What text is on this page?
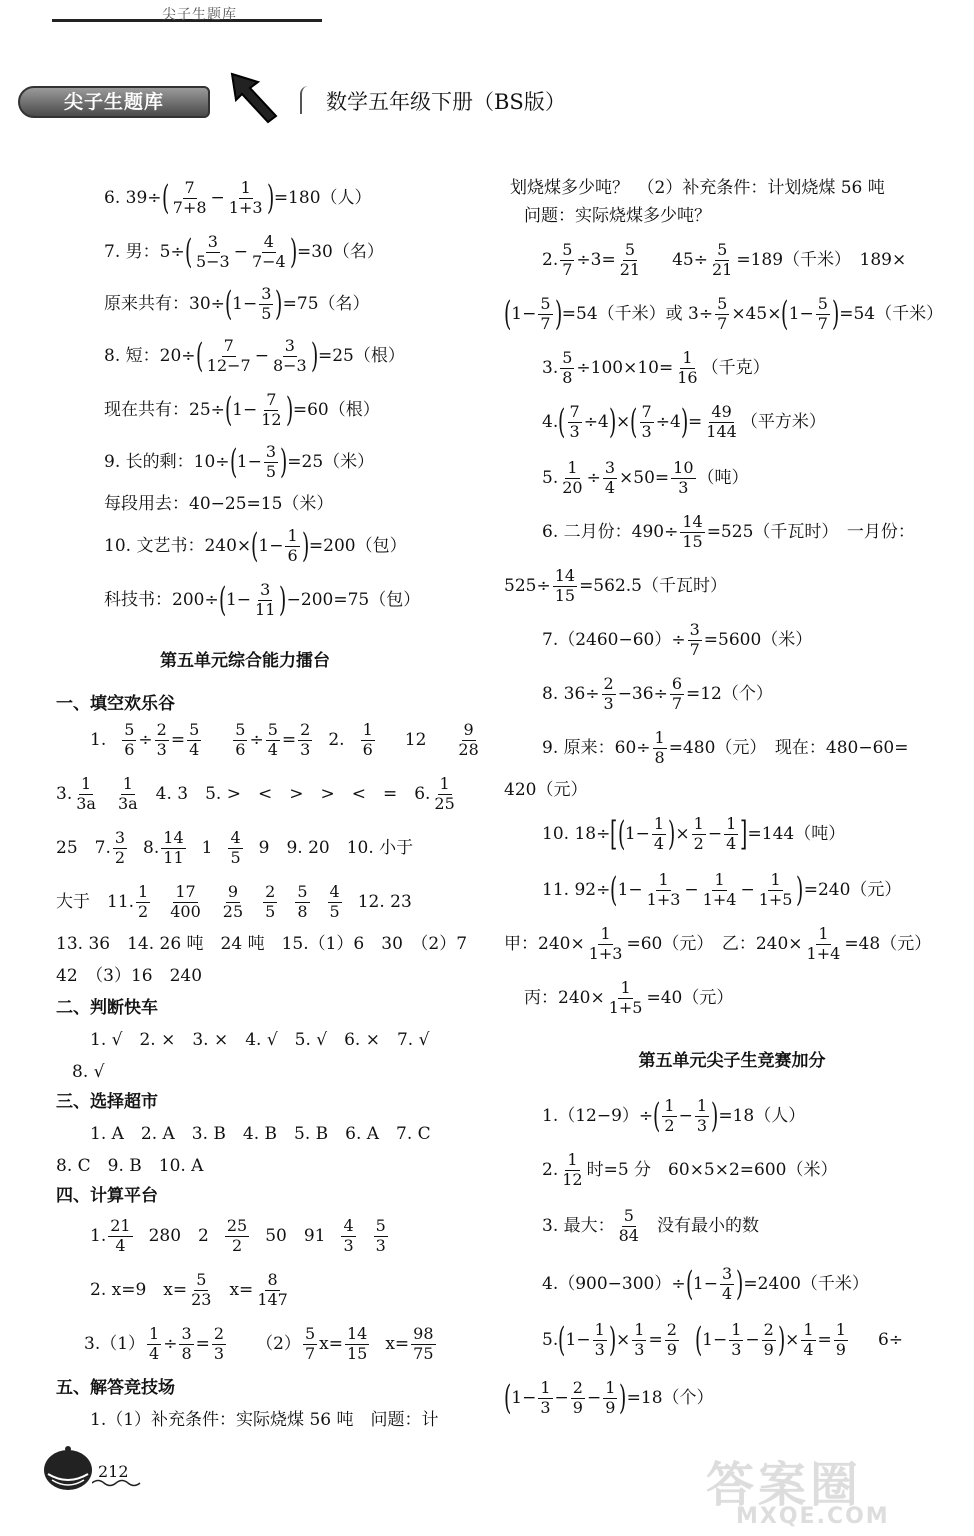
尖子生题库
尖子生题库	数学五年级下册（BS版）
6. 39÷ ( 7
$7+8 - \frac{1}{1+3}$ ) =180（人）
7. 男：5÷ ( 3
$5-3 - \frac{4}{7-4}$ ) =30（名）
原来共有：30÷ ( $1- \frac{3}{5}$ ) =75（名）
8. 短：20÷ ( 7
$12-7 - \frac{3}{8-3}$ ) =25（根）
现在共有：25÷ ( $1- \frac{7}{12}$ ) =60（根）
9. 长的剩：10÷ ( $1- \frac{3}{5}$ ) =25（米）
每段用去：40−25=15（米）
10. 文艺书：240× ( $1- \frac{1}{6}$ ) =200（包）
科技书：200÷ ( $1- \frac{3}{11}$ ) −200=75（包）
第五单元综合能力擂台
一、填空欢乐谷
1. $\frac{5}{6} \div \frac{2}{3} = \frac{5}{4} \frac{5}{6} \div \frac{5}{4} = \frac{2}{3} 2$.
1
6 12
9
28
3.
1
3a
1
3a 4. 3　5. >　<　>　>　<　=　6.
1
25
25　7.
3
2 8.
14
11 1
4
5 9　9. 20　10. 小于
大于　11.
1
2
17
400
9
25
2
5
5
8
4
5 12. 23
13. 36　14. 26 吨　24 吨　15.（1）6　30　（2）7
42　（3）16　240
二、判断快车
1. √　2. ×　3. ×　4. √　5. √　6. ×　7. √
8. √
三、选择超市
1. A　2. A　3. B　4. B　5. B　6. A　7. C
8. C　9. B　10. A
四、计算平台
1.
21
4 280　2
25
2 50　91
4
3
5
3
2. x=9　$x= \frac{5}{23} x= \frac{8}{147}$
$3.(1) \frac{1}{4} \div \frac{3}{8} = \frac{2}{3} (2)$
5
7 $x= \frac{14}{15} x= \frac{98}{75}$
五、解答竞技场
1.（1）补充条件：实际烧煤 56 吨　问题：计
划烧煤多少吨？　（2）补充条件：计划烧煤 56 吨
问题：实际烧煤多少吨？
2. $\frac{5}{7} \div 3= \frac{5}{21} 45\div \frac{5}{21} =189$（千米）　189×
( $1- \frac{5}{7}$ ) =54（千米）或 $3\div \frac{5}{7} \times 45\times$ ( $1- \frac{5}{7}$ ) =54（千米）
3. $\frac{5}{8} \div 100\times 10= \frac{1}{16}$ （千克）
4. ( $\frac{7}{3} \div 4$ ) × ( $\frac{7}{3} \div 4$ ) = $\frac{49}{144}$ （平方米）
5. $\frac{1}{20} \div \frac{3}{4} \times 50= \frac{10}{3}$ （吨）
6. 二月份：$490\div \frac{14}{15} =525$（千瓦时）　一月份：
$525\div \frac{14}{15} =562.5$（千瓦时）
$7.(2460-60)\div \frac{3}{7} =5600$（米）
8. $36\div \frac{2}{3} -36\div \frac{6}{7} =12$（个）
9. 原来：$60\div \frac{1}{8} =480$（元）　现在：480−60=
420（元）
10. 18÷ [ ( $1- \frac{1}{4}$ ) × $\frac{1}{2} - \frac{1}{4}$ ] =144（吨）
11. 92÷ ( $1- \frac{1}{1+3} - \frac{1}{1+4} - \frac{1}{1+5}$ ) =240（元）
甲：$240\times \frac{1}{1+3} =60$（元）　乙：$240\times \frac{1}{1+4} =48$（元）
丙：$240\times \frac{1}{1+5} =40$（元）
第五单元尖子生竞赛加分
1.（12−9）÷ ( 1
$2 - \frac{1}{3}$ ) =18（人）
2.
1
12 时=5 分　60×5×2=600（米）
3. 最大：
5
84 没有最小的数
4.（900−300）÷ ( $1- \frac{3}{4}$ ) =2400（千米）
5. ( $1- \frac{1}{3}$ ) × $\frac{1}{3} = \frac{2}{9}$ ( $1- \frac{1}{3} - \frac{2}{9}$ ) × $\frac{1}{4} = \frac{1}{9} 6\div$
( $1- \frac{1}{3} - \frac{2}{9} - \frac{1}{9}$ ) =18（个）
212	答案圈
MXQE.COM
